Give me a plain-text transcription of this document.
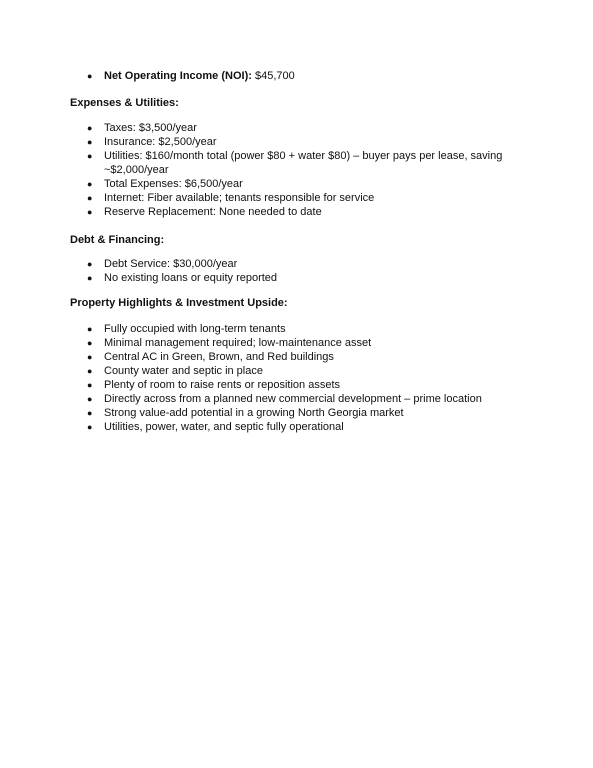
● Net Operating Income (NOI): $45,700

Expenses & Utilities:

● Taxes: $3,500/year
● Insurance: $2,500/year
● Utilities: $160/month total (power $80 + water $80) – buyer pays per lease, saving ~$2,000/year
● Total Expenses: $6,500/year
● Internet: Fiber available; tenants responsible for service
● Reserve Replacement: None needed to date

Debt & Financing:

● Debt Service: $30,000/year
● No existing loans or equity reported

Property Highlights & Investment Upside:

● Fully occupied with long-term tenants
● Minimal management required; low-maintenance asset
● Central AC in Green, Brown, and Red buildings
● County water and septic in place
● Plenty of room to raise rents or reposition assets
● Directly across from a planned new commercial development – prime location
● Strong value-add potential in a growing North Georgia market
● Utilities, power, water, and septic fully operational
